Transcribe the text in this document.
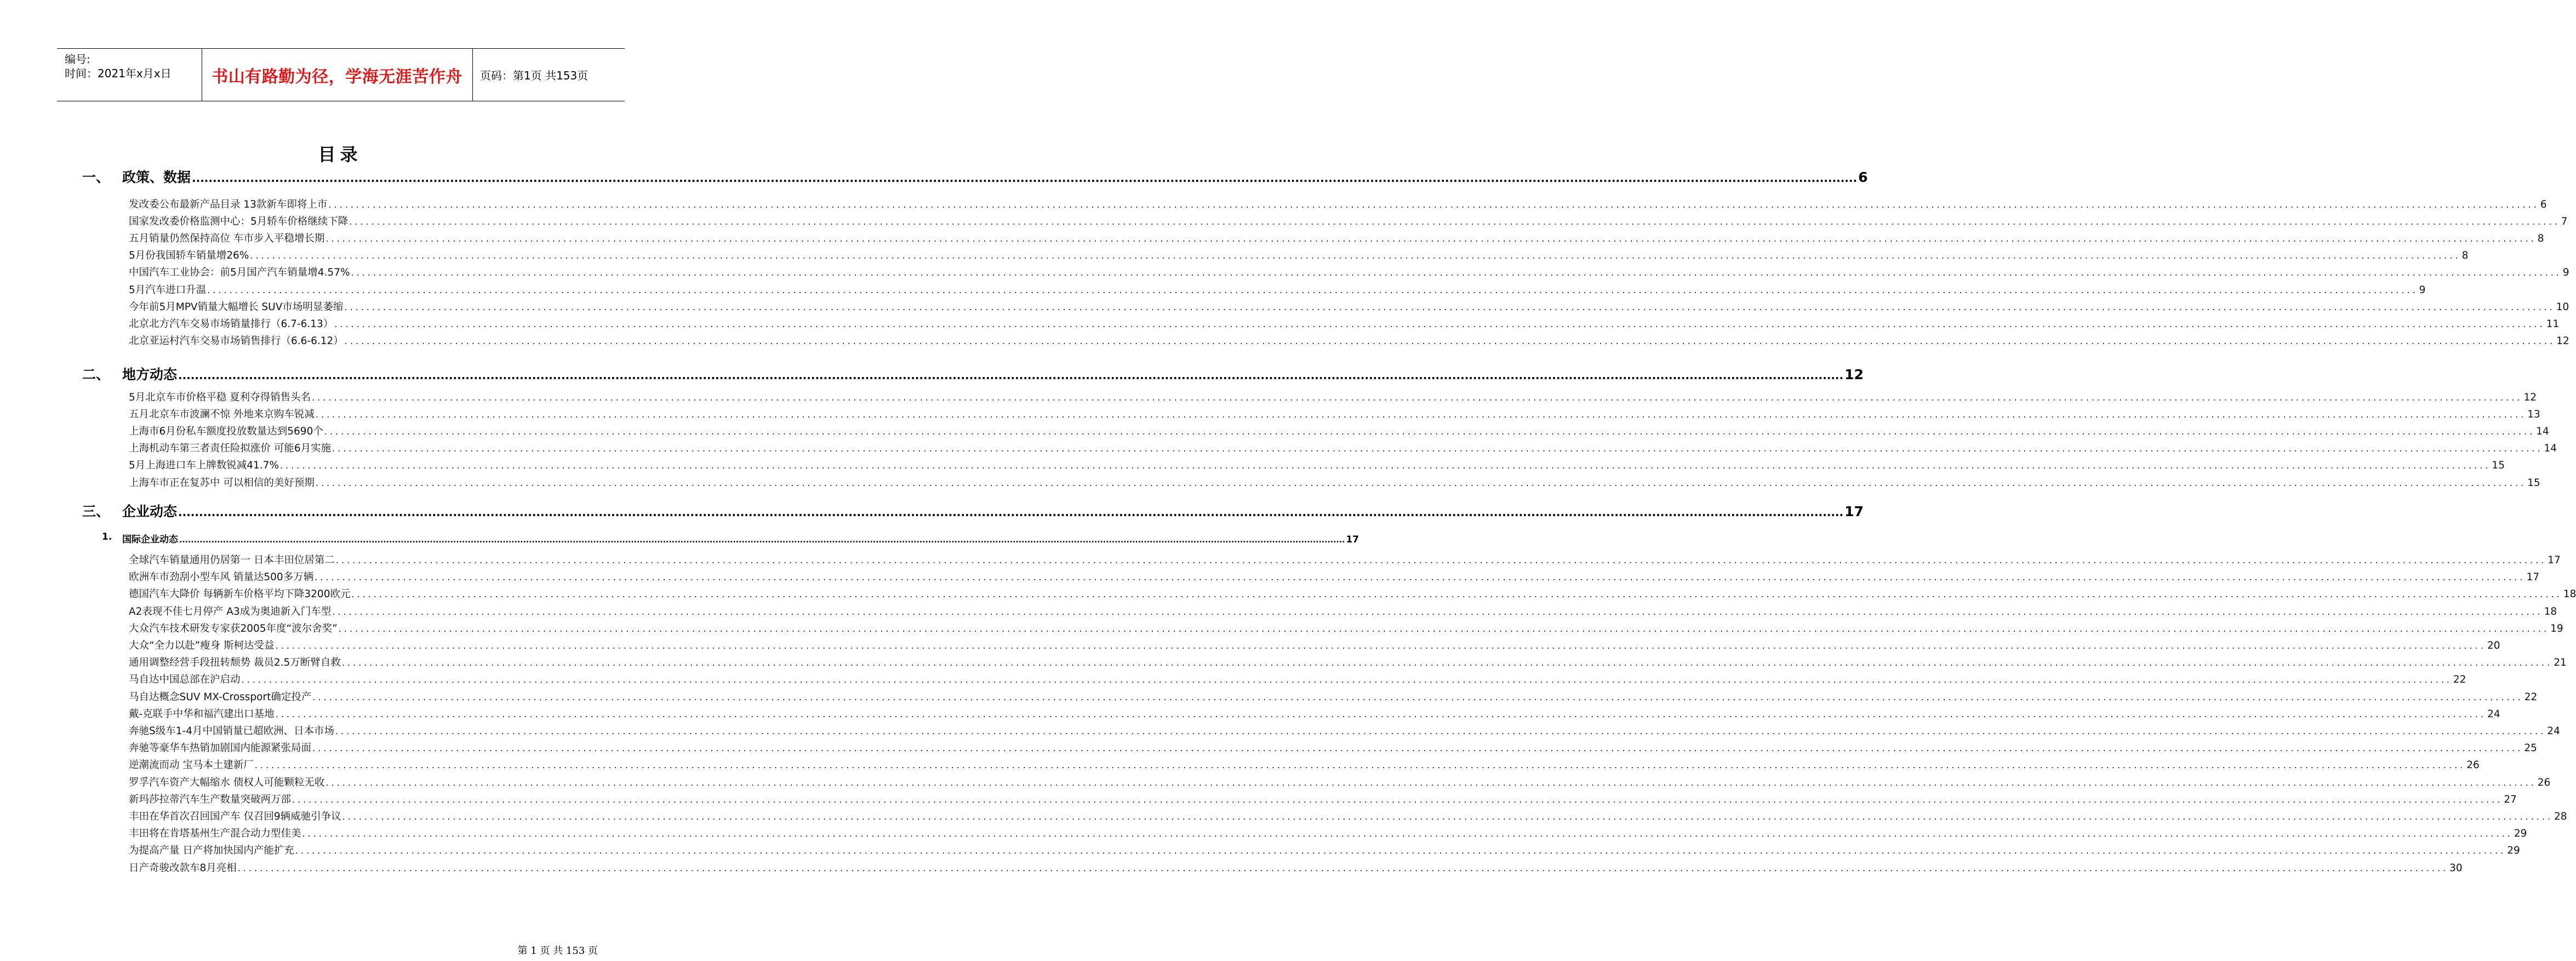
编号:
时间：2021年x月x日	书山有路勤为径，学海无涯苦作舟 页码：第1页 共153页
目录
一、 政策、数据 ................................................................................................................................................................................................................................................................................................................................................................................................................ 6
发改委公布最新产品目录 13款新车即将上市 ................................................................................................................................................................................................................................................................................................................................................................................................................ 6
国家发改委价格监测中心：5月轿车价格继续下降 ................................................................................................................................................................................................................................................................................................................................................................................................................ 7
五月销量仍然保持高位 车市步入平稳增长期 ................................................................................................................................................................................................................................................................................................................................................................................................................ 8
5月份我国轿车销量增26% ................................................................................................................................................................................................................................................................................................................................................................................................................ 8
中国汽车工业协会：前5月国产汽车销量增4.57% ................................................................................................................................................................................................................................................................................................................................................................................................................ 9
5月汽车进口升温 ................................................................................................................................................................................................................................................................................................................................................................................................................ 9
今年前5月MPV销量大幅增长 SUV市场明显萎缩 ................................................................................................................................................................................................................................................................................................................................................................................................................ 10
北京北方汽车交易市场销量排行（6.7-6.13） ................................................................................................................................................................................................................................................................................................................................................................................................................ 11
北京亚运村汽车交易市场销售排行（6.6-6.12） ................................................................................................................................................................................................................................................................................................................................................................................................................ 12
二、 地方动态 ................................................................................................................................................................................................................................................................................................................................................................................................................ 12
5月北京车市价格平稳 夏利夺得销售头名 ................................................................................................................................................................................................................................................................................................................................................................................................................ 12
五月北京车市波澜不惊 外地来京购车锐减 ................................................................................................................................................................................................................................................................................................................................................................................................................ 13
上海市6月份私车额度投放数量达到5690个 ................................................................................................................................................................................................................................................................................................................................................................................................................ 14
上海机动车第三者责任险拟涨价 可能6月实施 ................................................................................................................................................................................................................................................................................................................................................................................................................ 14
5月上海进口车上牌数锐减41.7% ................................................................................................................................................................................................................................................................................................................................................................................................................ 15
上海车市正在复苏中 可以相信的美好预期 ................................................................................................................................................................................................................................................................................................................................................................................................................ 15
三、 企业动态 ................................................................................................................................................................................................................................................................................................................................................................................................................ 17
1. 国际企业动态 ................................................................................................................................................................................................................................................................................................................................................................................................................ 17
全球汽车销量通用仍居第一 日本丰田位居第二 ................................................................................................................................................................................................................................................................................................................................................................................................................ 17
欧洲车市劲刮小型车风 销量达500多万辆 ................................................................................................................................................................................................................................................................................................................................................................................................................ 17
德国汽车大降价 每辆新车价格平均下降3200欧元 ................................................................................................................................................................................................................................................................................................................................................................................................................ 18
A2表现不佳七月停产 A3成为奥迪新入门车型 ................................................................................................................................................................................................................................................................................................................................................................................................................ 18
大众汽车技术研发专家获2005年度“波尔舍奖” ................................................................................................................................................................................................................................................................................................................................................................................................................ 19
大众“全力以赴”瘦身 斯柯达受益 ................................................................................................................................................................................................................................................................................................................................................................................................................ 20
通用调整经营手段扭转颓势 裁员2.5万断臂自救 ................................................................................................................................................................................................................................................................................................................................................................................................................ 21
马自达中国总部在沪启动 ................................................................................................................................................................................................................................................................................................................................................................................................................ 22
马自达概念SUV MX-Crossport确定投产 ................................................................................................................................................................................................................................................................................................................................................................................................................ 22
戴-克联手中华和福汽建出口基地 ................................................................................................................................................................................................................................................................................................................................................................................................................ 24
奔驰S级车1-4月中国销量已超欧洲、日本市场 ................................................................................................................................................................................................................................................................................................................................................................................................................ 24
奔驰等豪华车热销加剧国内能源紧张局面 ................................................................................................................................................................................................................................................................................................................................................................................................................ 25
逆潮流而动 宝马本土建新厂 ................................................................................................................................................................................................................................................................................................................................................................................................................ 26
罗孚汽车资产大幅缩水 债权人可能颗粒无收 ................................................................................................................................................................................................................................................................................................................................................................................................................ 26
新玛莎拉蒂汽车生产数量突破两万部 ................................................................................................................................................................................................................................................................................................................................................................................................................ 27
丰田在华首次召回国产车 仅召回9辆威驰引争议 ................................................................................................................................................................................................................................................................................................................................................................................................................ 28
丰田将在肯塔基州生产混合动力型佳美 ................................................................................................................................................................................................................................................................................................................................................................................................................ 29
为提高产量 日产将加快国内产能扩充 ................................................................................................................................................................................................................................................................................................................................................................................................................ 29
日产奇骏改款车8月亮相 ................................................................................................................................................................................................................................................................................................................................................................................................................ 30
第 1 页 共 153 页
